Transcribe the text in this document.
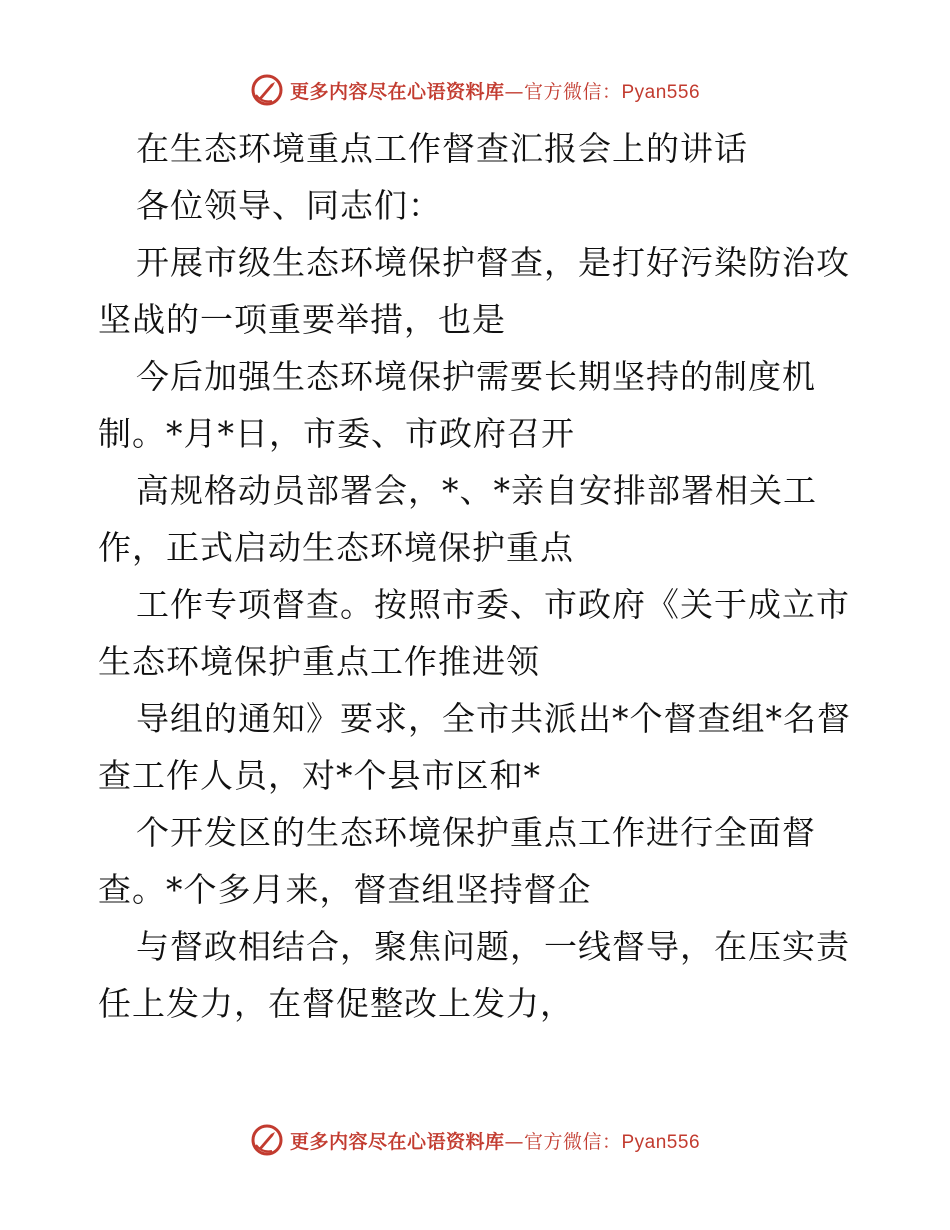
更多内容尽在心语资料库—官方微信：Pyan556
在生态环境重点工作督查汇报会上的讲话
各位领导、同志们：
开展市级生态环境保护督查，是打好污染防治攻
坚战的一项重要举措，也是
今后加强生态环境保护需要长期坚持的制度机
制。*月*日，市委、市政府召开
高规格动员部署会，*、*亲自安排部署相关工
作，正式启动生态环境保护重点
工作专项督查。按照市委、市政府《关于成立市
生态环境保护重点工作推进领
导组的通知》要求，全市共派出*个督查组*名督
查工作人员，对*个县市区和*
个开发区的生态环境保护重点工作进行全面督
查。*个多月来，督查组坚持督企
与督政相结合，聚焦问题，一线督导，在压实责
任上发力，在督促整改上发力，
更多内容尽在心语资料库—官方微信：Pyan556
